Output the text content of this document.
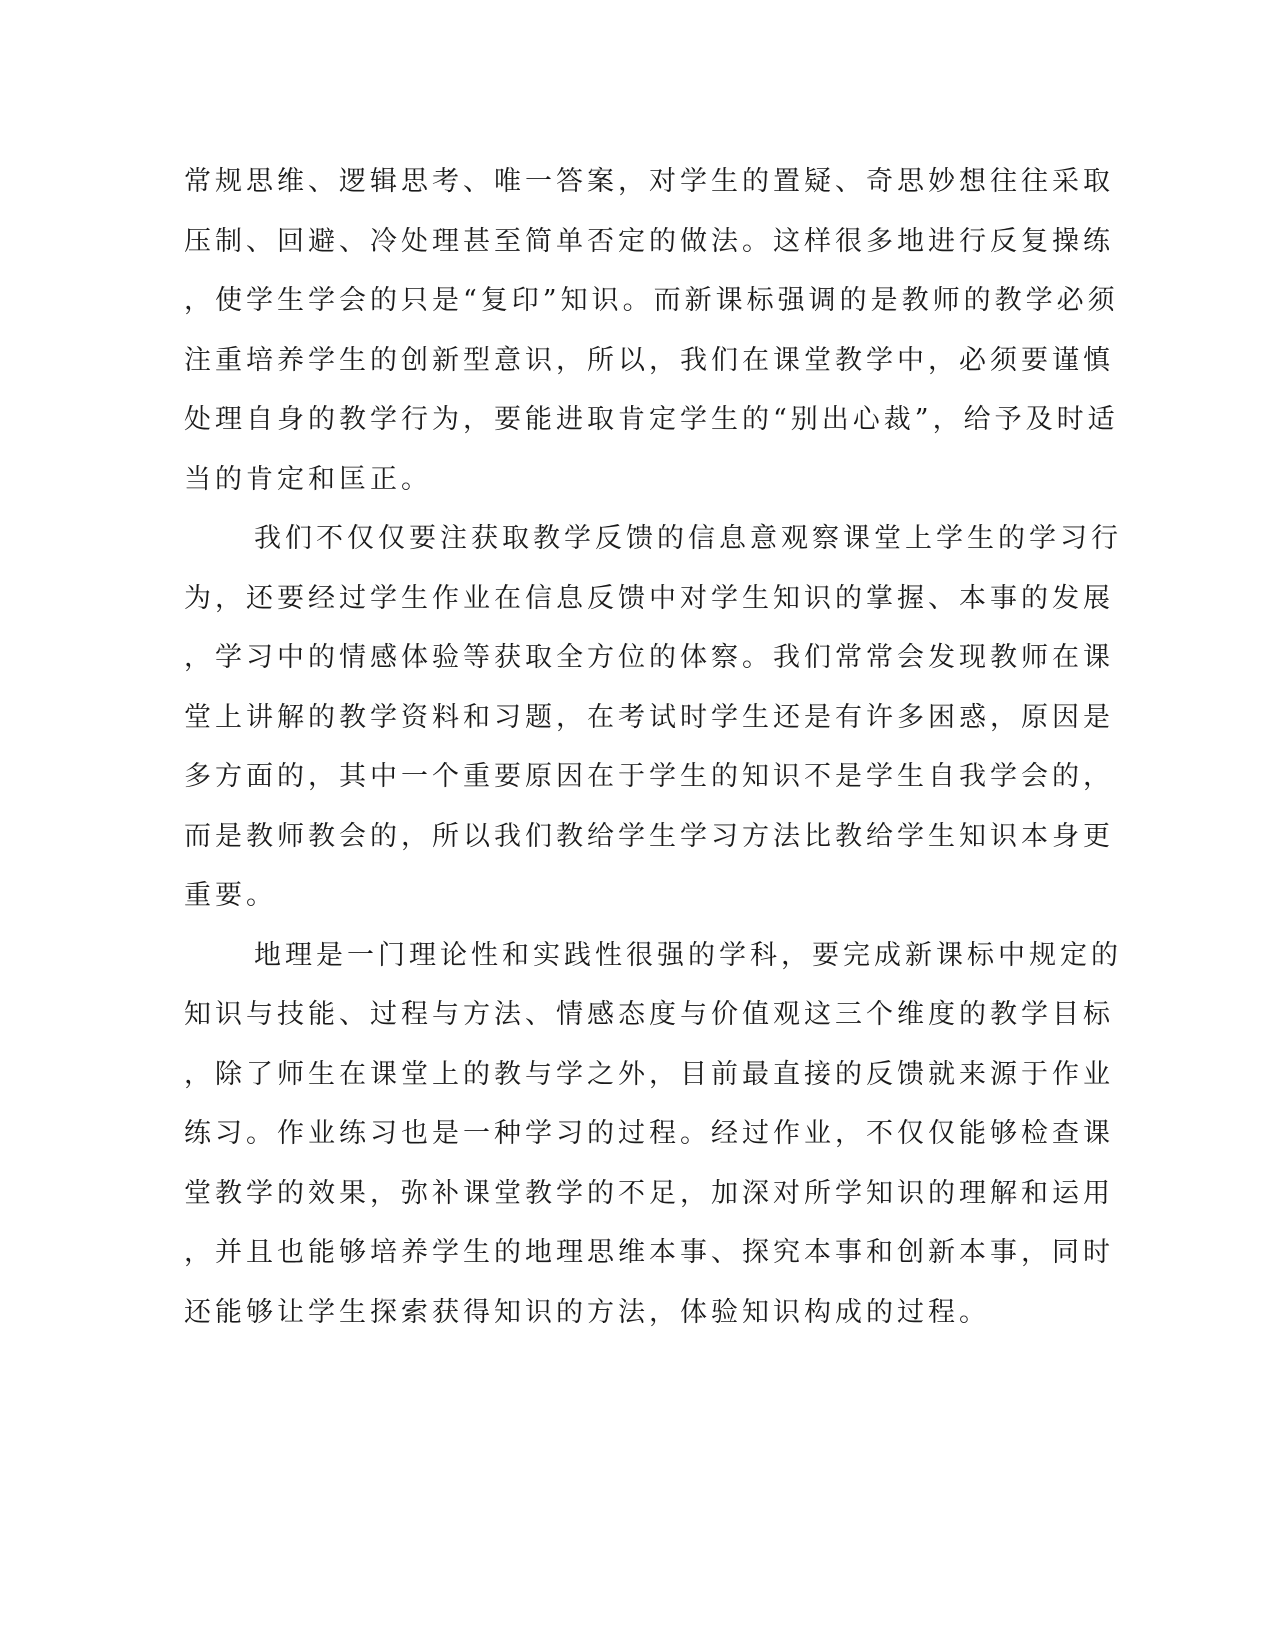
常规思维、逻辑思考、唯一答案，对学生的置疑、奇思妙想往往采取
压制、回避、冷处理甚至简单否定的做法。这样很多地进行反复操练
，使学生学会的只是“复印”知识。而新课标强调的是教师的教学必须
注重培养学生的创新型意识，所以，我们在课堂教学中，必须要谨慎
处理自身的教学行为，要能进取肯定学生的“别出心裁”，给予及时适
当的肯定和匡正。
我们不仅仅要注获取教学反馈的信息意观察课堂上学生的学习行
为，还要经过学生作业在信息反馈中对学生知识的掌握、本事的发展
，学习中的情感体验等获取全方位的体察。我们常常会发现教师在课
堂上讲解的教学资料和习题，在考试时学生还是有许多困惑，原因是
多方面的，其中一个重要原因在于学生的知识不是学生自我学会的，
而是教师教会的，所以我们教给学生学习方法比教给学生知识本身更
重要。
地理是一门理论性和实践性很强的学科，要完成新课标中规定的
知识与技能、过程与方法、情感态度与价值观这三个维度的教学目标
，除了师生在课堂上的教与学之外，目前最直接的反馈就来源于作业
练习。作业练习也是一种学习的过程。经过作业，不仅仅能够检查课
堂教学的效果，弥补课堂教学的不足，加深对所学知识的理解和运用
，并且也能够培养学生的地理思维本事、探究本事和创新本事，同时
还能够让学生探索获得知识的方法，体验知识构成的过程。
